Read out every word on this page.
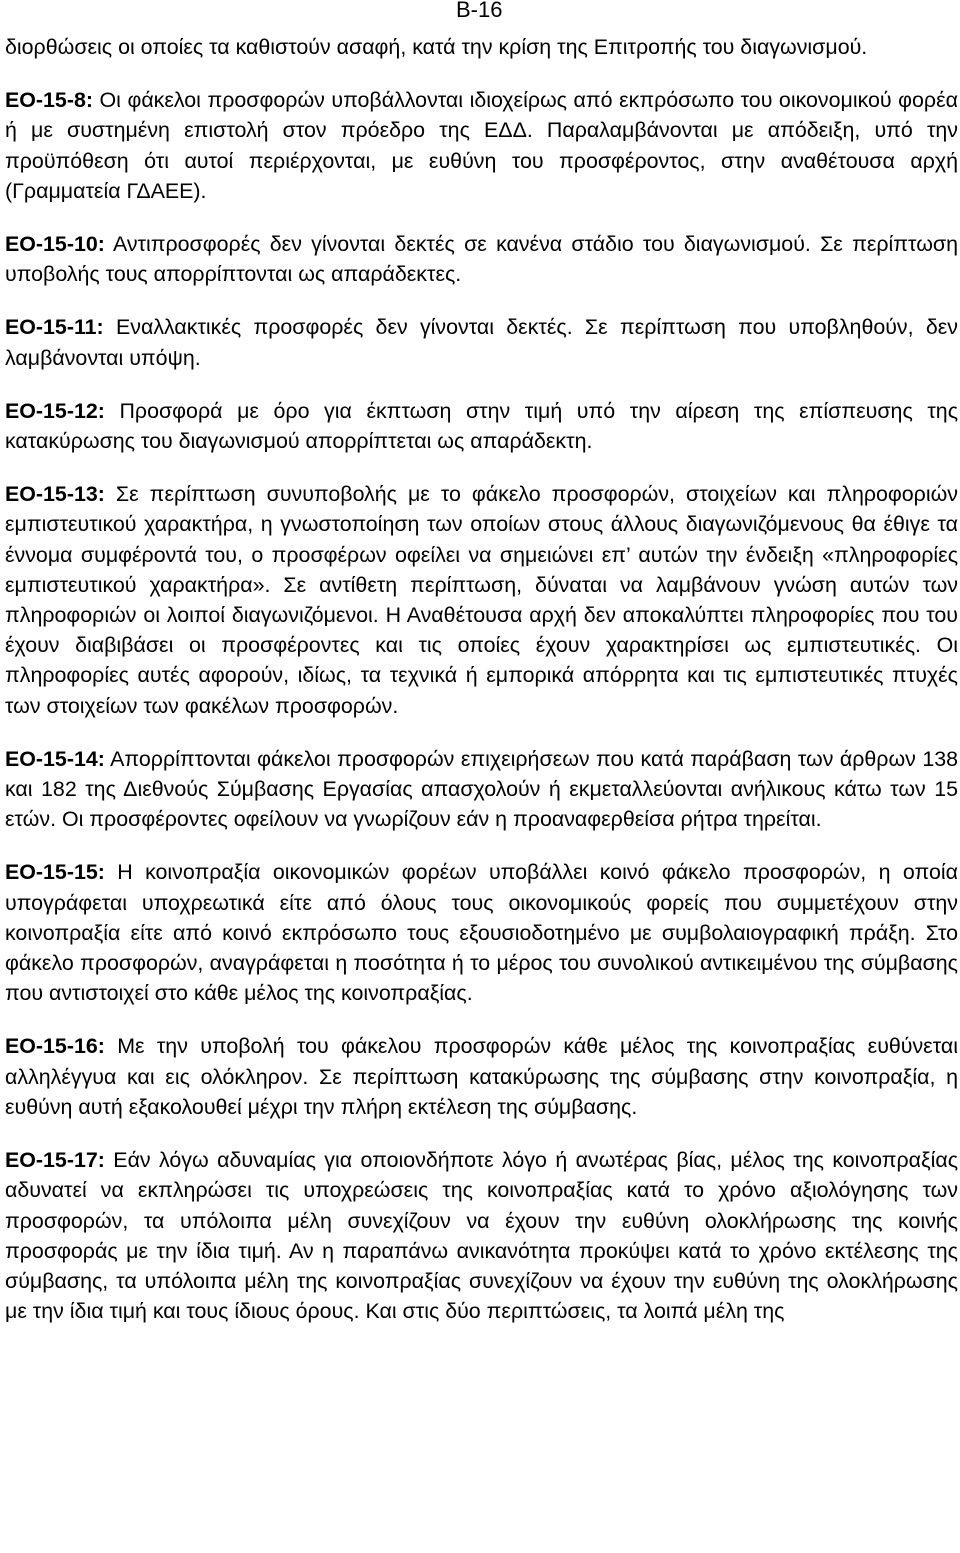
B-16

διορθώσεις οι οποίες τα καθιστούν ασαφή, κατά την κρίση της Επιτροπής του διαγωνισμού.

ΕΟ-15-8: Οι φάκελοι προσφορών υποβάλλονται ιδιοχείρως από εκπρόσωπο του οικονομικού φορέα ή με συστημένη επιστολή στον πρόεδρο της ΕΔΔ. Παραλαμβάνονται με απόδειξη, υπό την προϋπόθεση ότι αυτοί περιέρχονται, με ευθύνη του προσφέροντος, στην αναθέτουσα αρχή (Γραμματεία ΓΔΑΕΕ).

ΕΟ-15-10: Αντιπροσφορές δεν γίνονται δεκτές σε κανένα στάδιο του διαγωνισμού. Σε περίπτωση υποβολής τους απορρίπτονται ως απαράδεκτες.

ΕΟ-15-11: Εναλλακτικές προσφορές δεν γίνονται δεκτές. Σε περίπτωση που υποβληθούν, δεν λαμβάνονται υπόψη.

ΕΟ-15-12: Προσφορά με όρο για έκπτωση στην τιμή υπό την αίρεση της επίσπευσης της κατακύρωσης του διαγωνισμού απορρίπτεται ως απαράδεκτη.

ΕΟ-15-13: Σε περίπτωση συνυποβολής με το φάκελο προσφορών, στοιχείων και πληροφοριών εμπιστευτικού χαρακτήρα, η γνωστοποίηση των οποίων στους άλλους διαγωνιζόμενους θα έθιγε τα έννομα συμφέροντά του, ο προσφέρων οφείλει να σημειώνει επ’ αυτών την ένδειξη «πληροφορίες εμπιστευτικού χαρακτήρα». Σε αντίθετη περίπτωση, δύναται να λαμβάνουν γνώση αυτών των πληροφοριών οι λοιποί διαγωνιζόμενοι. Η Αναθέτουσα αρχή δεν αποκαλύπτει πληροφορίες που του έχουν διαβιβάσει οι προσφέροντες και τις οποίες έχουν χαρακτηρίσει ως εμπιστευτικές. Οι πληροφορίες αυτές αφορούν, ιδίως, τα τεχνικά ή εμπορικά απόρρητα και τις εμπιστευτικές πτυχές των στοιχείων των φακέλων προσφορών.

ΕΟ-15-14: Απορρίπτονται φάκελοι προσφορών επιχειρήσεων που κατά παράβαση των άρθρων 138 και 182 της Διεθνούς Σύμβασης Εργασίας απασχολούν ή εκμεταλλεύονται ανήλικους κάτω των 15 ετών. Οι προσφέροντες οφείλουν να γνωρίζουν εάν η προαναφερθείσα ρήτρα τηρείται.

ΕΟ-15-15: Η κοινοπραξία οικονομικών φορέων υποβάλλει κοινό φάκελο προσφορών, η οποία υπογράφεται υποχρεωτικά είτε από όλους τους οικονομικούς φορείς που συμμετέχουν στην κοινοπραξία είτε από κοινό εκπρόσωπο τους εξουσιοδοτημένο με συμβολαιογραφική πράξη. Στο φάκελο προσφορών, αναγράφεται η ποσότητα ή το μέρος του συνολικού αντικειμένου της σύμβασης που αντιστοιχεί στο κάθε μέλος της κοινοπραξίας.

ΕΟ-15-16: Με την υποβολή του φάκελου προσφορών κάθε μέλος της κοινοπραξίας ευθύνεται αλληλέγγυα και εις ολόκληρον. Σε περίπτωση κατακύρωσης της σύμβασης στην κοινοπραξία, η ευθύνη αυτή εξακολουθεί μέχρι την πλήρη εκτέλεση της σύμβασης.

ΕΟ-15-17: Εάν λόγω αδυναμίας για οποιονδήποτε λόγο ή ανωτέρας βίας, μέλος της κοινοπραξίας αδυνατεί να εκπληρώσει τις υποχρεώσεις της κοινοπραξίας κατά το χρόνο αξιολόγησης των προσφορών, τα υπόλοιπα μέλη συνεχίζουν να έχουν την ευθύνη ολοκλήρωσης της κοινής προσφοράς με την ίδια τιμή. Αν η παραπάνω ανικανότητα προκύψει κατά το χρόνο εκτέλεσης της σύμβασης, τα υπόλοιπα μέλη της κοινοπραξίας συνεχίζουν να έχουν την ευθύνη της ολοκλήρωσης με την ίδια τιμή και τους ίδιους όρους. Και στις δύο περιπτώσεις, τα λοιπά μέλη της
